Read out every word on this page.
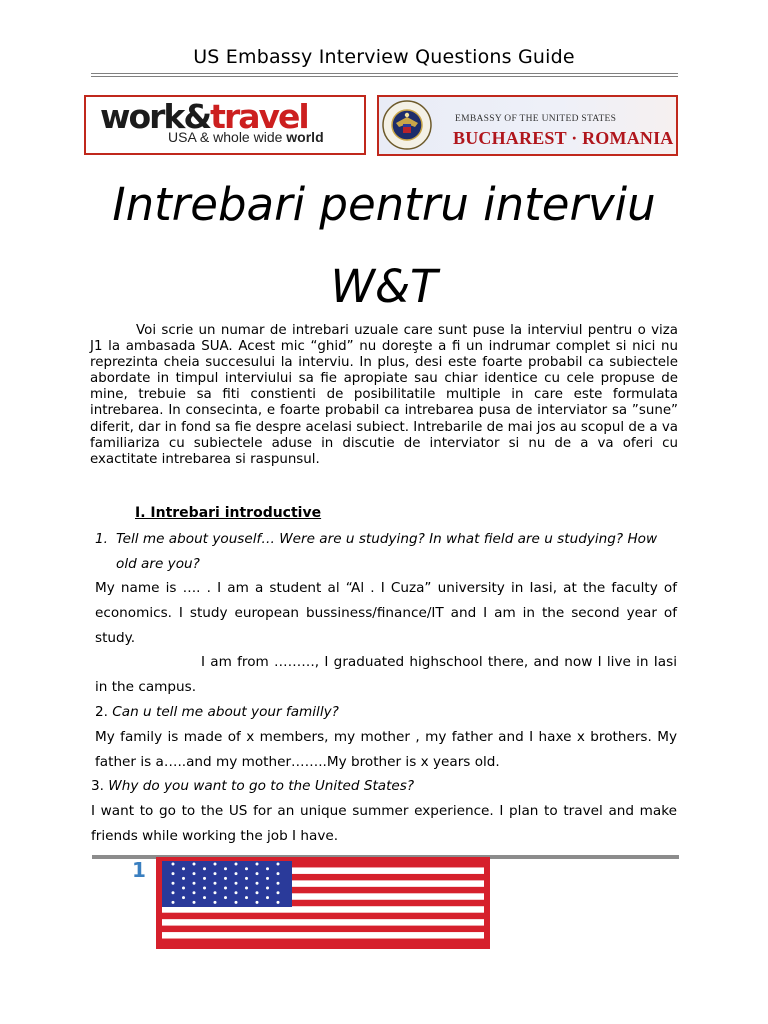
US Embassy Interview Questions Guide
work&travel
USA & whole wide world
EMBASSY OF THE UNITED STATES
BUCHAREST · ROMANIA
Intrebari pentru interviu
W&T
Voi scrie un numar de intrebari uzuale care sunt puse la interviul pentru o viza J1 la ambasada SUA. Acest mic “ghid” nu doreşte a fi un indrumar complet si nici nu reprezinta cheia succesului la interviu. In plus, desi este foarte probabil ca subiectele abordate in timpul interviului sa fie apropiate sau chiar identice cu cele propuse de mine, trebuie sa fiti constienti de posibilitatile multiple in care este formulata intrebarea. In consecinta, e foarte probabil ca intrebarea pusa de interviator sa ”sune” diferit, dar in fond sa fie despre acelasi subiect. Intrebarile de mai jos au scopul de a va familiariza cu subiectele aduse in discutie de interviator si nu de a va oferi cu exactitate intrebarea si raspunsul.
I. Intrebari introductive
1. Tell me about youself… Were are u studying? In what field are u studying? How old are you?
My name is …. . I am a student al “Al . I Cuza” university in Iasi, at the faculty of economics. I study european bussiness/finance/IT and I am in the second year of study.
I am from ………, I graduated highschool there, and now I live in Iasi in the campus.
2. Can u tell me about your familly?
My family is made of x members, my mother , my father and I haxe x brothers. My father is a…..and my mother……..My brother is x years old.
3. Why do you want to go to the United States?
I want to go to the US for an unique summer experience. I plan to travel and make friends while working the job I have.
1
